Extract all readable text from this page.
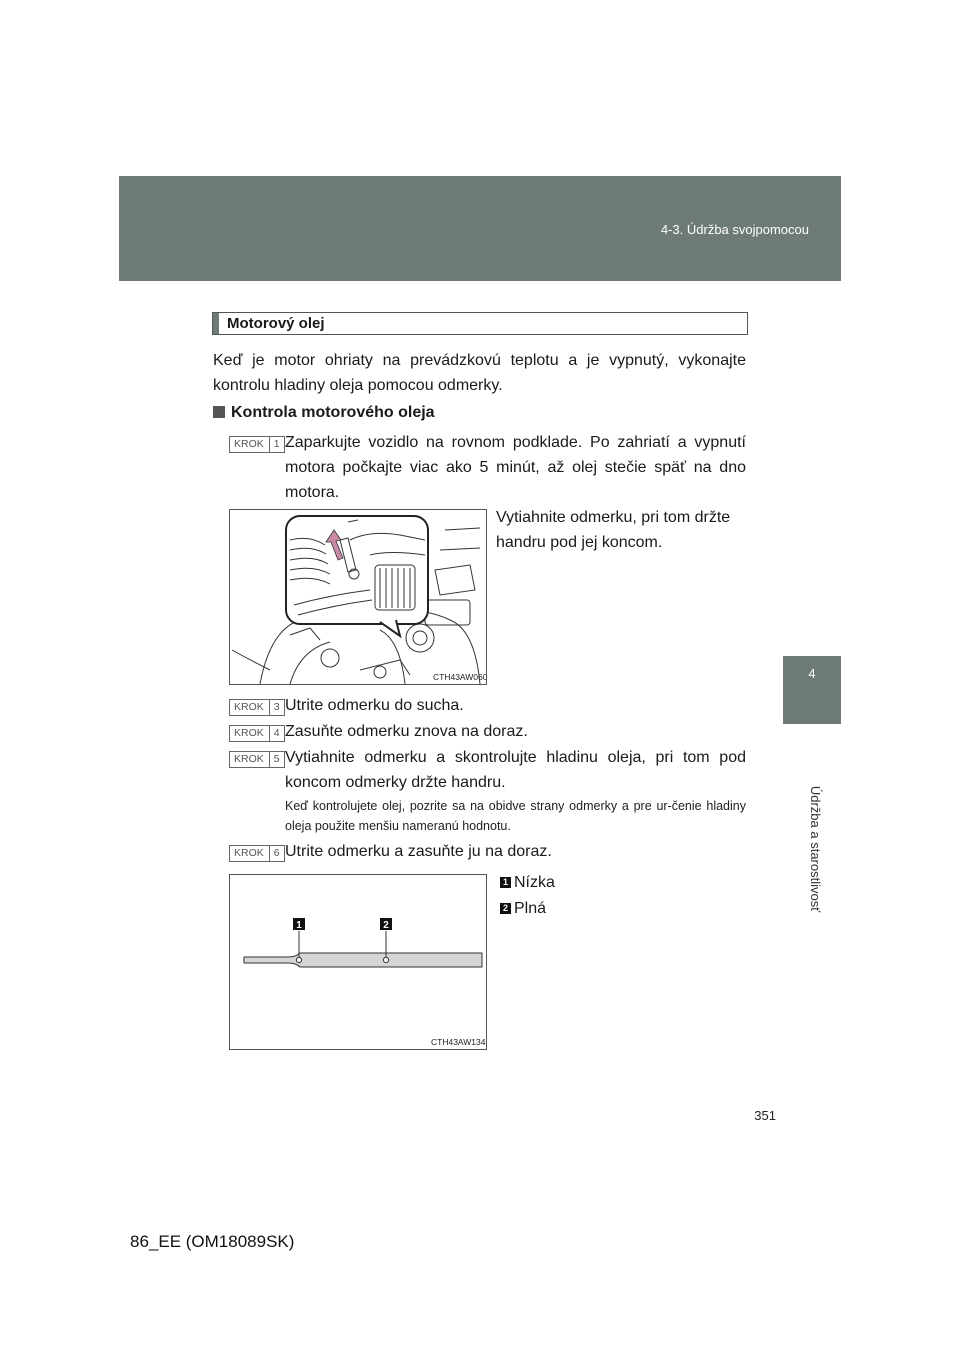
4-3. Údržba svojpomocou
4
Údržba a starostlivosť
Motorový olej
Keď je motor ohriaty na prevádzkovú teplotu a je vypnutý, vykonajte kontrolu hladiny oleja pomocou odmerky.
Kontrola motorového oleja
KROK 1 Zaparkujte vozidlo na rovnom podklade. Po zahriatí a vypnutí motora počkajte viac ako 5 minút, až olej stečie späť na dno motora.
Vytiahnite odmerku, pri tom držte handru pod jej koncom.
CTH43AW060
KROK 3 Utrite odmerku do sucha.
KROK 4 Zasuňte odmerku znova na doraz.
KROK 5 Vytiahnite odmerku a skontrolujte hladinu oleja, pri tom pod koncom odmerky držte handru.
Keď kontrolujete olej, pozrite sa na obidve strany odmerky a pre ur-čenie hladiny oleja použite menšiu nameranú hodnotu.
KROK 6 Utrite odmerku a zasuňte ju na doraz.
1	2
CTH43AW134
1 Nízka
2 Plná
351
86_EE (OM18089SK)
